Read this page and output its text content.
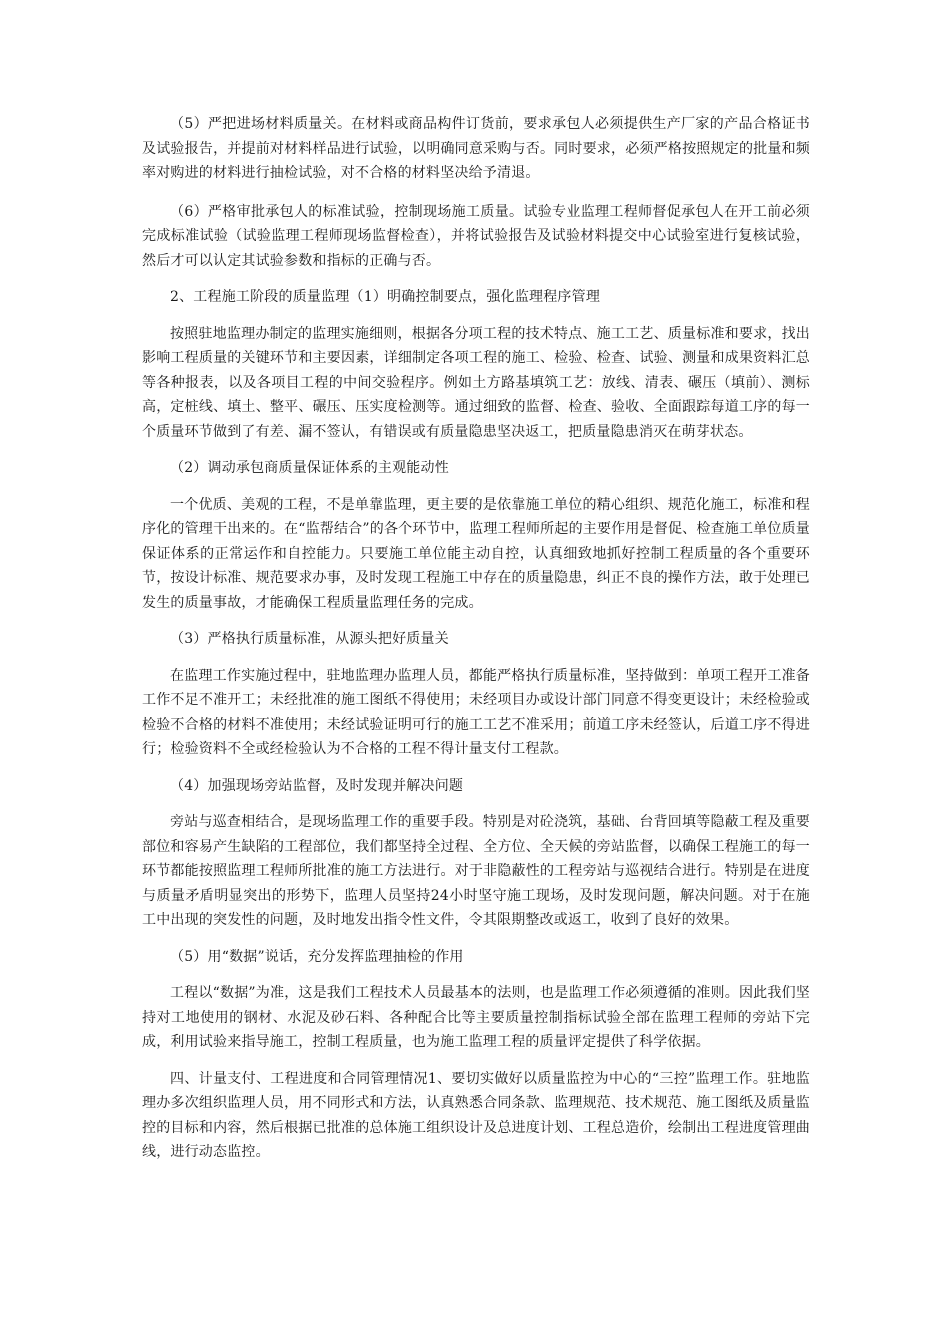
（5）严把进场材料质量关。在材料或商品构件订货前，要求承包人必须提供生产厂家的产品合格证书及试验报告，并提前对材料样品进行试验，以明确同意采购与否。同时要求，必须严格按照规定的批量和频率对购进的材料进行抽检试验，对不合格的材料坚决给予清退。

（6）严格审批承包人的标准试验，控制现场施工质量。试验专业监理工程师督促承包人在开工前必须完成标准试验（试验监理工程师现场监督检查），并将试验报告及试验材料提交中心试验室进行复核试验，然后才可以认定其试验参数和指标的正确与否。

2、工程施工阶段的质量监理（1）明确控制要点，强化监理程序管理

按照驻地监理办制定的监理实施细则，根据各分项工程的技术特点、施工工艺、质量标准和要求，找出影响工程质量的关键环节和主要因素，详细制定各项工程的施工、检验、检查、试验、测量和成果资料汇总等各种报表，以及各项目工程的中间交验程序。例如土方路基填筑工艺：放线、清表、碾压（填前）、测标高，定桩线、填土、整平、碾压、压实度检测等。通过细致的监督、检查、验收、全面跟踪每道工序的每一个质量环节做到了有差、漏不签认，有错误或有质量隐患坚决返工，把质量隐患消灭在萌芽状态。

（2）调动承包商质量保证体系的主观能动性

一个优质、美观的工程，不是单靠监理，更主要的是依靠施工单位的精心组织、规范化施工，标准和程序化的管理干出来的。在“监帮结合”的各个环节中，监理工程师所起的主要作用是督促、检查施工单位质量保证体系的正常运作和自控能力。只要施工单位能主动自控，认真细致地抓好控制工程质量的各个重要环节，按设计标准、规范要求办事，及时发现工程施工中存在的质量隐患，纠正不良的操作方法，敢于处理已发生的质量事故，才能确保工程质量监理任务的完成。

（3）严格执行质量标准，从源头把好质量关

在监理工作实施过程中，驻地监理办监理人员，都能严格执行质量标准，坚持做到：单项工程开工准备工作不足不准开工；未经批准的施工图纸不得使用；未经项目办或设计部门同意不得变更设计；未经检验或检验不合格的材料不准使用；未经试验证明可行的施工工艺不准采用；前道工序未经签认，后道工序不得进行；检验资料不全或经检验认为不合格的工程不得计量支付工程款。

（4）加强现场旁站监督，及时发现并解决问题

旁站与巡查相结合，是现场监理工作的重要手段。特别是对砼浇筑，基础、台背回填等隐蔽工程及重要部位和容易产生缺陷的工程部位，我们都坚持全过程、全方位、全天候的旁站监督，以确保工程施工的每一环节都能按照监理工程师所批准的施工方法进行。对于非隐蔽性的工程旁站与巡视结合进行。特别是在进度与质量矛盾明显突出的形势下，监理人员坚持24小时坚守施工现场，及时发现问题，解决问题。对于在施工中出现的突发性的问题，及时地发出指令性文件，令其限期整改或返工，收到了良好的效果。

（5）用“数据”说话，充分发挥监理抽检的作用

工程以“数据”为准，这是我们工程技术人员最基本的法则，也是监理工作必须遵循的准则。因此我们坚持对工地使用的钢材、水泥及砂石料、各种配合比等主要质量控制指标试验全部在监理工程师的旁站下完成，利用试验来指导施工，控制工程质量，也为施工监理工程的质量评定提供了科学依据。

四、计量支付、工程进度和合同管理情况1、要切实做好以质量监控为中心的“三控”监理工作。驻地监理办多次组织监理人员，用不同形式和方法，认真熟悉合同条款、监理规范、技术规范、施工图纸及质量监控的目标和内容，然后根据已批准的总体施工组织设计及总进度计划、工程总造价，绘制出工程进度管理曲线，进行动态监控。
